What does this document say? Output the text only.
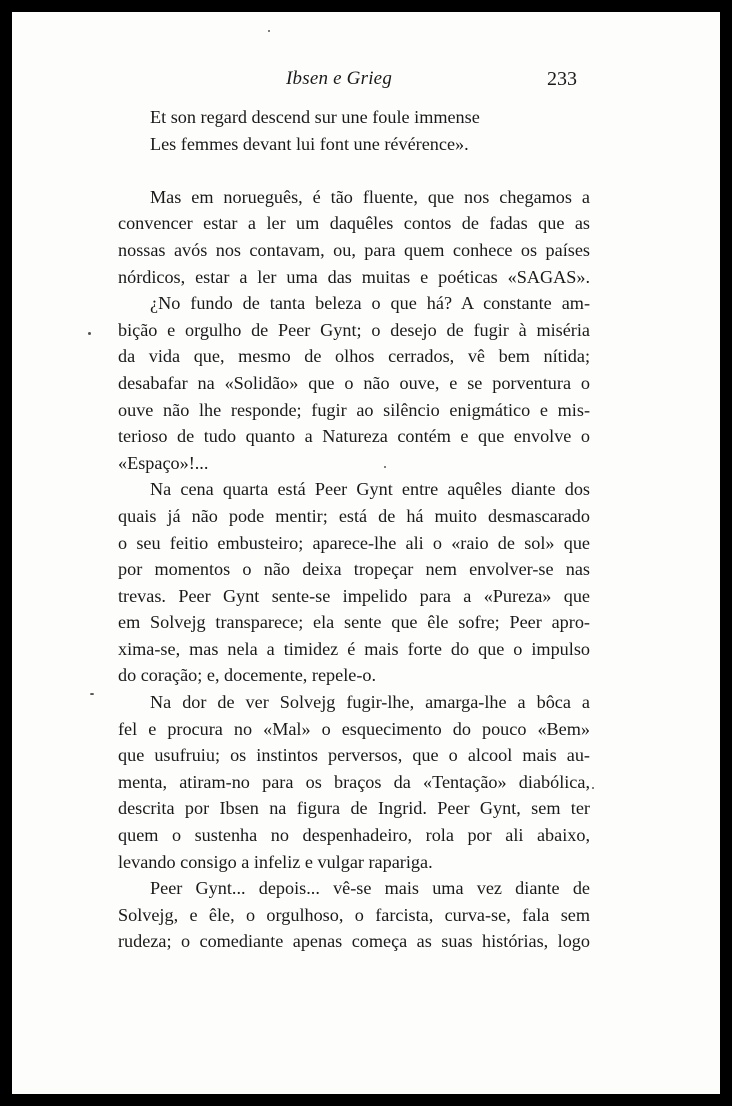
Ibsen e Grieg	233
Et son regard descend sur une foule immense
Les femmes devant lui font une révérence».
Mas em norueguês, é tão fluente, que nos chegamos a
convencer estar a ler um daquêles contos de fadas que as
nossas avós nos contavam, ou, para quem conhece os países
nórdicos, estar a ler uma das muitas e poéticas «SAGAS».
¿No fundo de tanta beleza o que há? A constante am-
bição e orgulho de Peer Gynt; o desejo de fugir à miséria
da vida que, mesmo de olhos cerrados, vê bem nítida;
desabafar na «Solidão» que o não ouve, e se porventura o
ouve não lhe responde; fugir ao silêncio enigmático e mis-
terioso de tudo quanto a Natureza contém e que envolve o
«Espaço»!...
Na cena quarta está Peer Gynt entre aquêles diante dos
quais já não pode mentir; está de há muito desmascarado
o seu feitio embusteiro; aparece-lhe ali o «raio de sol» que
por momentos o não deixa tropeçar nem envolver-se nas
trevas. Peer Gynt sente-se impelido para a «Pureza» que
em Solvejg transparece; ela sente que êle sofre; Peer apro-
xima-se, mas nela a timidez é mais forte do que o impulso
do coração; e, docemente, repele-o.
Na dor de ver Solvejg fugir-lhe, amarga-lhe a bôca a
fel e procura no «Mal» o esquecimento do pouco «Bem»
que usufruiu; os instintos perversos, que o alcool mais au-
menta, atiram-no para os braços da «Tentação» diabólica,
descrita por Ibsen na figura de Ingrid. Peer Gynt, sem ter
quem o sustenha no despenhadeiro, rola por ali abaixo,
levando consigo a infeliz e vulgar rapariga.
Peer Gynt... depois... vê-se mais uma vez diante de
Solvejg, e êle, o orgulhoso, o farcista, curva-se, fala sem
rudeza; o comediante apenas começa as suas histórias, logo
